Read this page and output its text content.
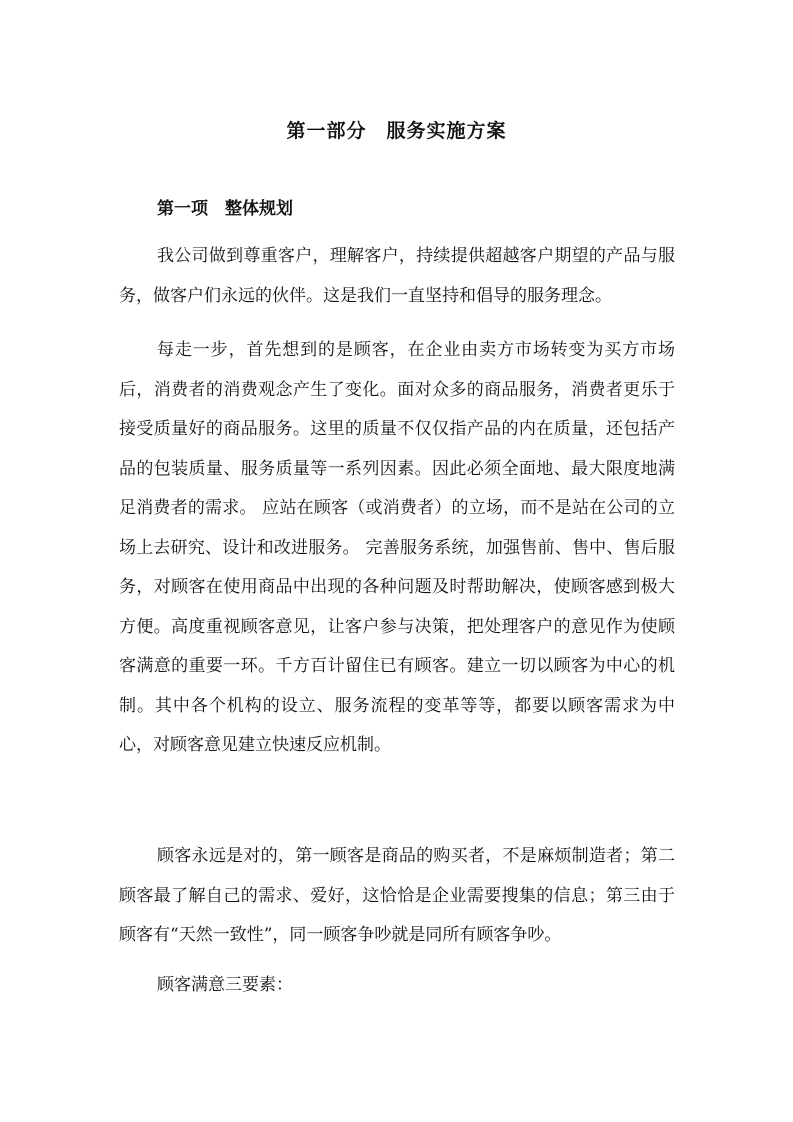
第一部分　服务实施方案
第一项　整体规划

我公司做到尊重客户，理解客户，持续提供超越客户期望的产品与服务，做客户们永远的伙伴。这是我们一直坚持和倡导的服务理念。

每走一步，首先想到的是顾客，在企业由卖方市场转变为买方市场后，消费者的消费观念产生了变化。面对众多的商品服务，消费者更乐于接受质量好的商品服务。这里的质量不仅仅指产品的内在质量，还包括产品的包装质量、服务质量等一系列因素。因此必须全面地、最大限度地满足消费者的需求。 应站在顾客（或消费者）的立场，而不是站在公司的立场上去研究、设计和改进服务。 完善服务系统，加强售前、售中、售后服务，对顾客在使用商品中出现的各种问题及时帮助解决，使顾客感到极大方便。高度重视顾客意见，让客户参与决策，把处理客户的意见作为使顾客满意的重要一环。千方百计留住已有顾客。建立一切以顾客为中心的机制。其中各个机构的设立、服务流程的变革等等，都要以顾客需求为中心，对顾客意见建立快速反应机制。

顾客永远是对的，第一顾客是商品的购买者，不是麻烦制造者；第二顾客最了解自己的需求、爱好，这恰恰是企业需要搜集的信息；第三由于顾客有“天然一致性”，同一顾客争吵就是同所有顾客争吵。

顾客满意三要素：
